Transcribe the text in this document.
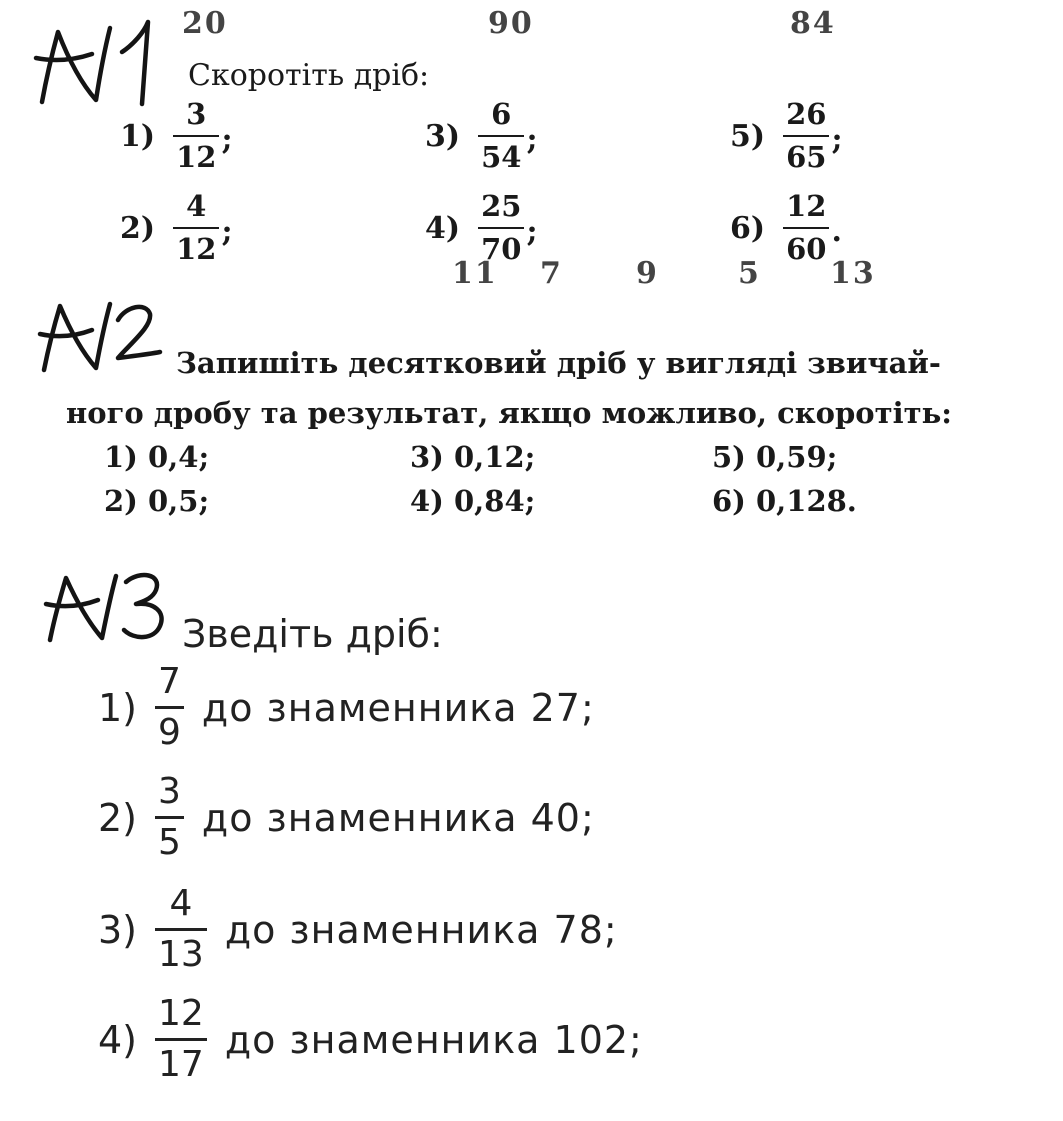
20	90	84
Скоротіть дріб:
$1) \frac{3}{12}$ ;
$2) \frac{4}{12}$ ;
$3) \frac{6}{54}$ ;
$4) \frac{25}{70}$ ;
$5) \frac{26}{65}$ ;
$6) \frac{12}{60}$ .
11 7 9	5 13
Запишіть десятковий дріб у вигляді звичай-
ного дробу та результат, якщо можливо, скоротіть:
1) 0,4;
2) 0,5;
3) 0,12;
4) 0,84;
5) 0,59;
6) 0,128.
Зведіть дріб:
$1) \frac{7}{9}$ до знаменника 27;
$2) \frac{3}{5}$ до знаменника 40;
$3) \frac{4}{13}$ до знаменника 78;
$4) \frac{12}{17}$ до знаменника 102;
